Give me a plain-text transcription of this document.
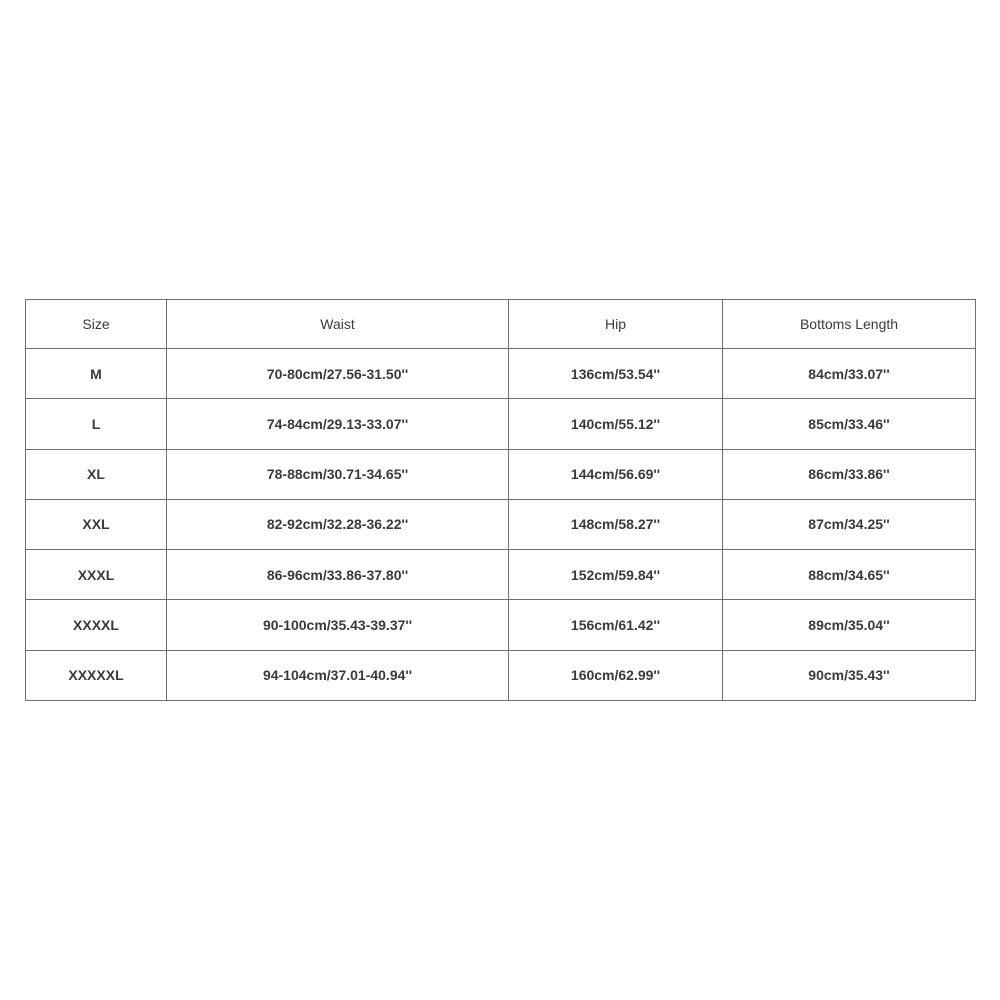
Size	Waist	Hip	Bottoms Length
M	70-80cm/27.56-31.50''	136cm/53.54''	84cm/33.07''
L	74-84cm/29.13-33.07''	140cm/55.12''	85cm/33.46''
XL	78-88cm/30.71-34.65''	144cm/56.69''	86cm/33.86''
XXL	82-92cm/32.28-36.22''	148cm/58.27''	87cm/34.25''
XXXL	86-96cm/33.86-37.80''	152cm/59.84''	88cm/34.65''
XXXXL	90-100cm/35.43-39.37''	156cm/61.42''	89cm/35.04''
XXXXXL	94-104cm/37.01-40.94''	160cm/62.99''	90cm/35.43''
